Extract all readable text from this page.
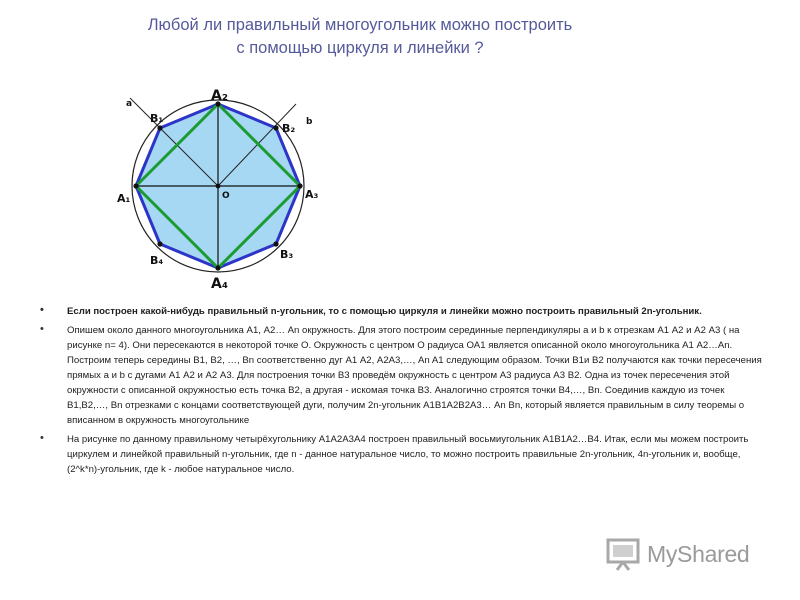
Любой ли правильный многоугольник можно построить
с помощью циркуля и линейки ?
a
b
A₂
B₁
B₂
A₁	A₃
O
B₄	B₃
A₄
• Если построен какой-нибудь правильный n-угольник, то с помощью циркуля и линейки можно построить правильный 2n-угольник.
• Опишем около данного многоугольника А1, А2… An окружность. Для этого построим серединные перпендикуляры а и b к отрезкам А1 А2 и А2 А3 ( на рисунке n= 4). Они пересекаются в некоторой точке О. Окружность с центром О радиуса ОА1 является описанной около многоугольника А1 А2…An. Построим теперь середины В1, В2, …, Вn соответственно дуг А1 А2, А2А3,…, An A1 следующим образом. Точки В1и В2 получаются как точки пересечения прямых a и b с дугами А1 А2 и А2 А3. Для построения точки В3 проведём окружность с центром А3 радиуса А3 В2. Одна из точек пересечения этой окружности с описанной окружностью есть точка В2, а другая - искомая точка В3. Аналогично строятся точки В4,…, Вn. Соединив каждую из точек В1,В2,…, Вn отрезками с концами соответствующей дуги, получим 2n-угольник А1В1А2В2А3… An Bn, который является правильным в силу теоремы о вписанном в окружность многоугольнике
• На рисунке по данному правильному четырёхугольнику А1А2А3А4 построен правильный восьмиугольник А1В1А2…В4. Итак, если мы можем построить циркулем и линейкой правильный n-угольник, где n - данное натуральное число, то можно построить правильные 2n-угольник, 4n-угольник и, вообще, (2^k*n)-угольник, где k - любое натуральное число.
MyShared
